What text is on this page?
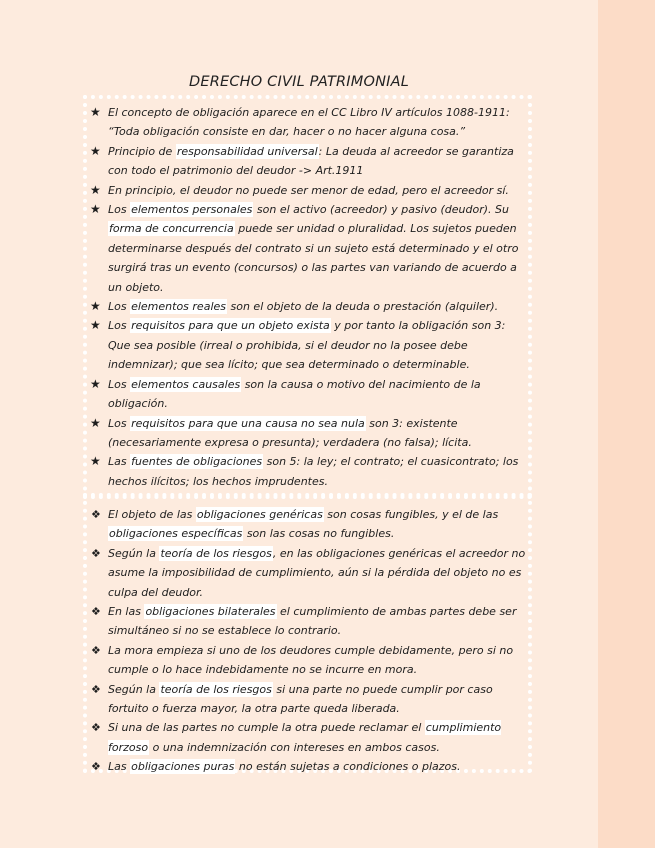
DERECHO CIVIL PATRIMONIAL
★ El concepto de obligación aparece en el CC Libro IV artículos 1088-1911: “Toda obligación consiste en dar, hacer o no hacer alguna cosa.”
★ Principio de responsabilidad universal: La deuda al acreedor se garantiza con todo el patrimonio del deudor -> Art.1911
★ En principio, el deudor no puede ser menor de edad, pero el acreedor sí.
★ Los elementos personales son el activo (acreedor) y pasivo (deudor). Su forma de concurrencia puede ser unidad o pluralidad. Los sujetos pueden determinarse después del contrato si un sujeto está determinado y el otro surgirá tras un evento (concursos) o las partes van variando de acuerdo a un objeto.
★ Los elementos reales son el objeto de la deuda o prestación (alquiler).
★ Los requisitos para que un objeto exista y por tanto la obligación son 3: Que sea posible (irreal o prohibida, si el deudor no la posee debe indemnizar); que sea lícito; que sea determinado o determinable.
★ Los elementos causales son la causa o motivo del nacimiento de la obligación.
★ Los requisitos para que una causa no sea nula son 3: existente (necesariamente expresa o presunta); verdadera (no falsa); lícita.
★ Las fuentes de obligaciones son 5: la ley; el contrato; el cuasicontrato; los hechos ilícitos; los hechos imprudentes.
❖ El objeto de las obligaciones genéricas son cosas fungibles, y el de las obligaciones específicas son las cosas no fungibles.
❖ Según la teoría de los riesgos, en las obligaciones genéricas el acreedor no asume la imposibilidad de cumplimiento, aún si la pérdida del objeto no es culpa del deudor.
❖ En las obligaciones bilaterales el cumplimiento de ambas partes debe ser simultáneo si no se establece lo contrario.
❖ La mora empieza si uno de los deudores cumple debidamente, pero si no cumple o lo hace indebidamente no se incurre en mora.
❖ Según la teoría de los riesgos si una parte no puede cumplir por caso fortuito o fuerza mayor, la otra parte queda liberada.
❖ Si una de las partes no cumple la otra puede reclamar el cumplimiento forzoso o una indemnización con intereses en ambos casos.
❖ Las obligaciones puras no están sujetas a condiciones o plazos.
